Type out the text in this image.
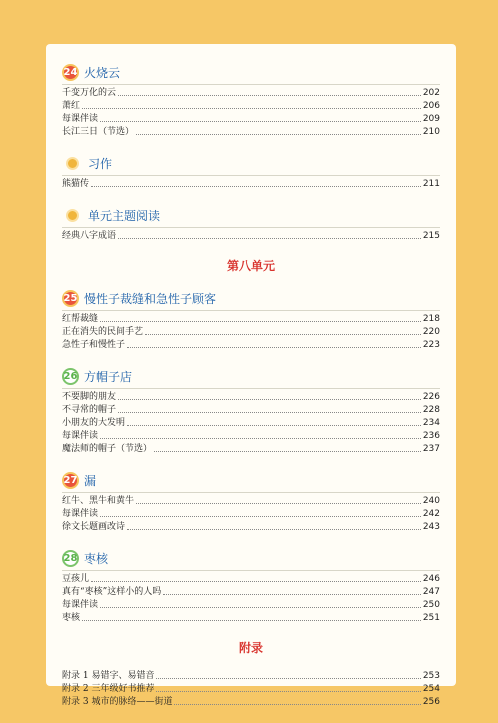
24 火烧云
千变万化的云	202
萧红	206
每课伴读	209
长江三日（节选）	210
习作
熊猫传	211
单元主题阅读
经典八字成语	215
第八单元
25 慢性子裁缝和急性子顾客
红帮裁缝	218
正在消失的民间手艺	220
急性子和慢性子	223
26 方帽子店
不要脚的朋友	226
不寻常的帽子	228
小朋友的大发明	234
每课伴读	236
魔法师的帽子（节选）	237
27 漏
红牛、黑牛和黄牛	240
每课伴读	242
徐文长题画改诗	243
28 枣核
豆孩儿	246
真有“枣核”这样小的人吗	247
每课伴读	250
枣核	251
附录
附录 1 易错字、易错音	253
附录 2 三年级好书推荐	254
附录 3 城市的脉络——街道	256
